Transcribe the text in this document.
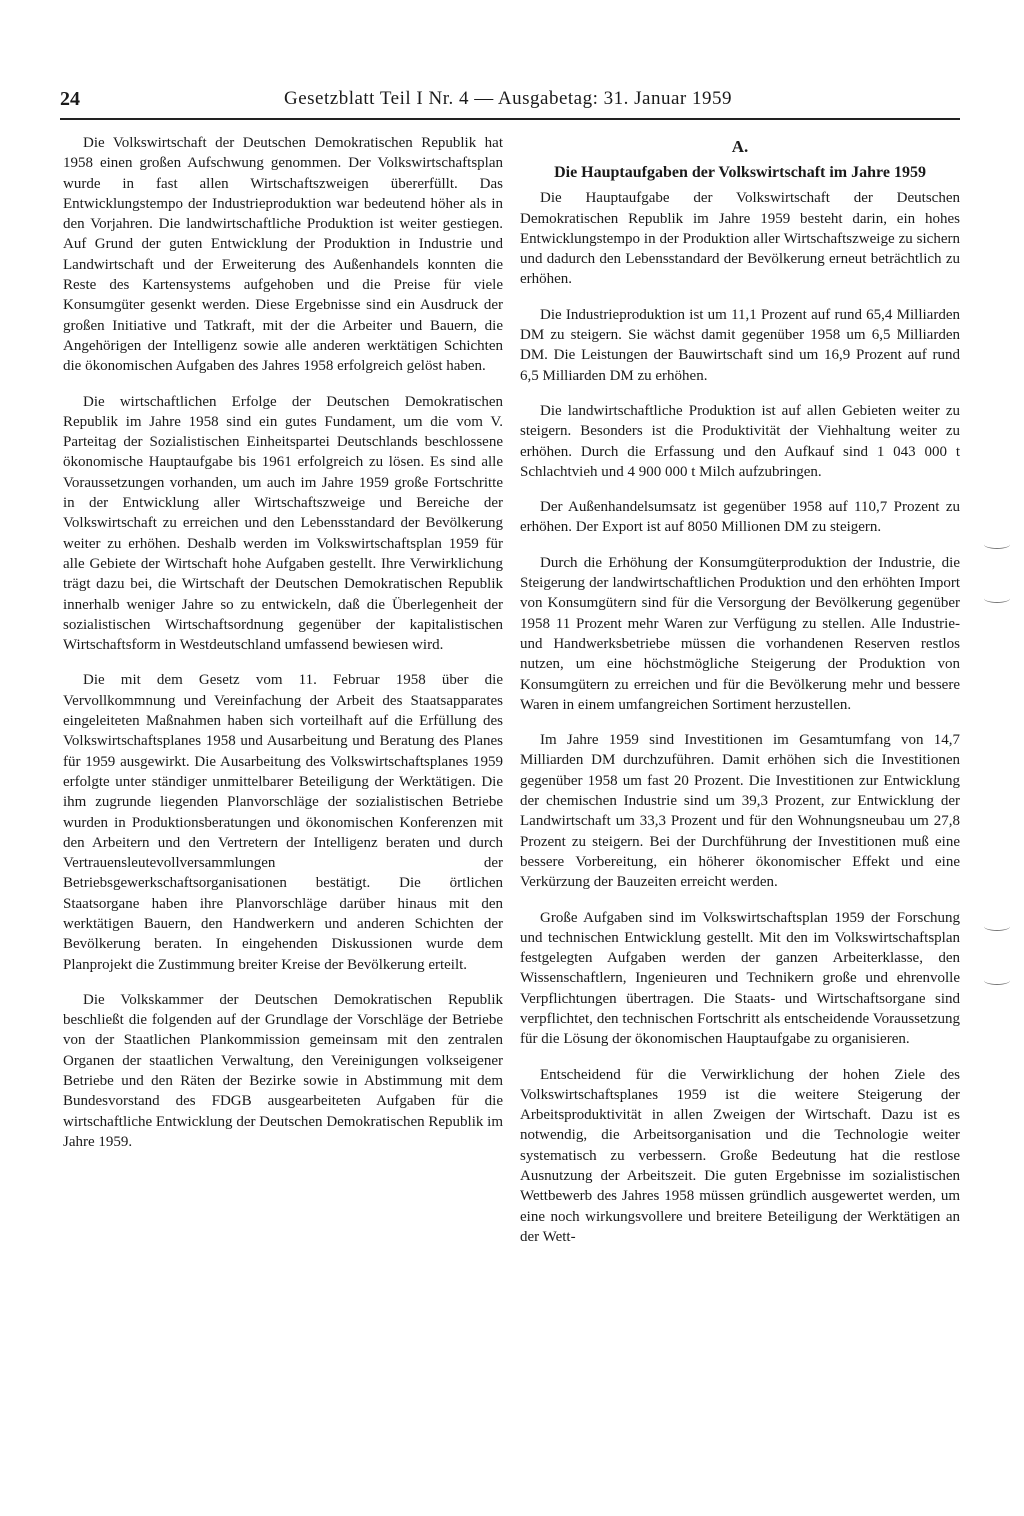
24	Gesetzblatt Teil I Nr. 4 — Ausgabetag: 31. Januar 1959

Die Volkswirtschaft der Deutschen Demokratischen Republik hat 1958 einen großen Aufschwung genommen. Der Volkswirtschaftsplan wurde in fast allen Wirtschaftszweigen übererfüllt. Das Entwicklungstempo der Industrieproduktion war bedeutend höher als in den Vorjahren. Die landwirtschaftliche Produktion ist weiter gestiegen. Auf Grund der guten Entwicklung der Produktion in Industrie und Landwirtschaft und der Erweiterung des Außenhandels konnten die Reste des Kartensystems aufgehoben und die Preise für viele Konsumgüter gesenkt werden. Diese Ergebnisse sind ein Ausdruck der großen Initiative und Tatkraft, mit der die Arbeiter und Bauern, die Angehörigen der Intelligenz sowie alle anderen werktätigen Schichten die ökonomischen Aufgaben des Jahres 1958 erfolgreich gelöst haben.

Die wirtschaftlichen Erfolge der Deutschen Demokratischen Republik im Jahre 1958 sind ein gutes Fundament, um die vom V. Parteitag der Sozialistischen Einheitspartei Deutschlands beschlossene ökonomische Hauptaufgabe bis 1961 erfolgreich zu lösen. Es sind alle Voraussetzungen vorhanden, um auch im Jahre 1959 große Fortschritte in der Entwicklung aller Wirtschaftszweige und Bereiche der Volkswirtschaft zu erreichen und den Lebensstandard der Bevölkerung weiter zu erhöhen. Deshalb werden im Volkswirtschaftsplan 1959 für alle Gebiete der Wirtschaft hohe Aufgaben gestellt. Ihre Verwirklichung trägt dazu bei, die Wirtschaft der Deutschen Demokratischen Republik innerhalb weniger Jahre so zu entwickeln, daß die Überlegenheit der sozialistischen Wirtschaftsordnung gegenüber der kapitalistischen Wirtschaftsform in Westdeutschland umfassend bewiesen wird.

Die mit dem Gesetz vom 11. Februar 1958 über die Vervollkommnung und Vereinfachung der Arbeit des Staatsapparates eingeleiteten Maßnahmen haben sich vorteilhaft auf die Erfüllung des Volkswirtschaftsplanes 1958 und Ausarbeitung und Beratung des Planes für 1959 ausgewirkt. Die Ausarbeitung des Volkswirtschaftsplanes 1959 erfolgte unter ständiger unmittelbarer Beteiligung der Werktätigen. Die ihm zugrunde liegenden Planvorschläge der sozialistischen Betriebe wurden in Produktionsberatungen und ökonomischen Konferenzen mit den Arbeitern und den Vertretern der Intelligenz beraten und durch Vertrauensleutevollversammlungen der Betriebsgewerkschaftsorganisationen bestätigt. Die örtlichen Staatsorgane haben ihre Planvorschläge darüber hinaus mit den werktätigen Bauern, den Handwerkern und anderen Schichten der Bevölkerung beraten. In eingehenden Diskussionen wurde dem Planprojekt die Zustimmung breiter Kreise der Bevölkerung erteilt.

Die Volkskammer der Deutschen Demokratischen Republik beschließt die folgenden auf der Grundlage der Vorschläge der Betriebe von der Staatlichen Plankommission gemeinsam mit den zentralen Organen der staatlichen Verwaltung, den Vereinigungen volkseigener Betriebe und den Räten der Bezirke sowie in Abstimmung mit dem Bundesvorstand des FDGB ausgearbeiteten Aufgaben für die wirtschaftliche Entwicklung der Deutschen Demokratischen Republik im Jahre 1959.

A.
Die Hauptaufgaben der Volkswirtschaft im Jahre 1959

Die Hauptaufgabe der Volkswirtschaft der Deutschen Demokratischen Republik im Jahre 1959 besteht darin, ein hohes Entwicklungstempo in der Produktion aller Wirtschaftszweige zu sichern und dadurch den Lebensstandard der Bevölkerung erneut beträchtlich zu erhöhen.

Die Industrieproduktion ist um 11,1 Prozent auf rund 65,4 Milliarden DM zu steigern. Sie wächst damit gegenüber 1958 um 6,5 Milliarden DM. Die Leistungen der Bauwirtschaft sind um 16,9 Prozent auf rund 6,5 Milliarden DM zu erhöhen.

Die landwirtschaftliche Produktion ist auf allen Gebieten weiter zu steigern. Besonders ist die Produktivität der Viehhaltung weiter zu erhöhen. Durch die Erfassung und den Aufkauf sind 1 043 000 t Schlachtvieh und 4 900 000 t Milch aufzubringen.

Der Außenhandelsumsatz ist gegenüber 1958 auf 110,7 Prozent zu erhöhen. Der Export ist auf 8050 Millionen DM zu steigern.

Durch die Erhöhung der Konsumgüterproduktion der Industrie, die Steigerung der landwirtschaftlichen Produktion und den erhöhten Import von Konsumgütern sind für die Versorgung der Bevölkerung gegenüber 1958 11 Prozent mehr Waren zur Verfügung zu stellen. Alle Industrie- und Handwerksbetriebe müssen die vorhandenen Reserven restlos nutzen, um eine höchstmögliche Steigerung der Produktion von Konsumgütern zu erreichen und für die Bevölkerung mehr und bessere Waren in einem umfangreichen Sortiment herzustellen.

Im Jahre 1959 sind Investitionen im Gesamtumfang von 14,7 Milliarden DM durchzuführen. Damit erhöhen sich die Investitionen gegenüber 1958 um fast 20 Prozent. Die Investitionen zur Entwicklung der chemischen Industrie sind um 39,3 Prozent, zur Entwicklung der Landwirtschaft um 33,3 Prozent und für den Wohnungsneubau um 27,8 Prozent zu steigern. Bei der Durchführung der Investitionen muß eine bessere Vorbereitung, ein höherer ökonomischer Effekt und eine Verkürzung der Bauzeiten erreicht werden.

Große Aufgaben sind im Volkswirtschaftsplan 1959 der Forschung und technischen Entwicklung gestellt. Mit den im Volkswirtschaftsplan festgelegten Aufgaben werden der ganzen Arbeiterklasse, den Wissenschaftlern, Ingenieuren und Technikern große und ehrenvolle Verpflichtungen übertragen. Die Staats- und Wirtschaftsorgane sind verpflichtet, den technischen Fortschritt als entscheidende Voraussetzung für die Lösung der ökonomischen Hauptaufgabe zu organisieren.

Entscheidend für die Verwirklichung der hohen Ziele des Volkswirtschaftsplanes 1959 ist die weitere Steigerung der Arbeitsproduktivität in allen Zweigen der Wirtschaft. Dazu ist es notwendig, die Arbeitsorganisation und die Technologie weiter systematisch zu verbessern. Große Bedeutung hat die restlose Ausnutzung der Arbeitszeit. Die guten Ergebnisse im sozialistischen Wettbewerb des Jahres 1958 müssen gründlich ausgewertet werden, um eine noch wirkungsvollere und breitere Beteiligung der Werktätigen an der Wett-
